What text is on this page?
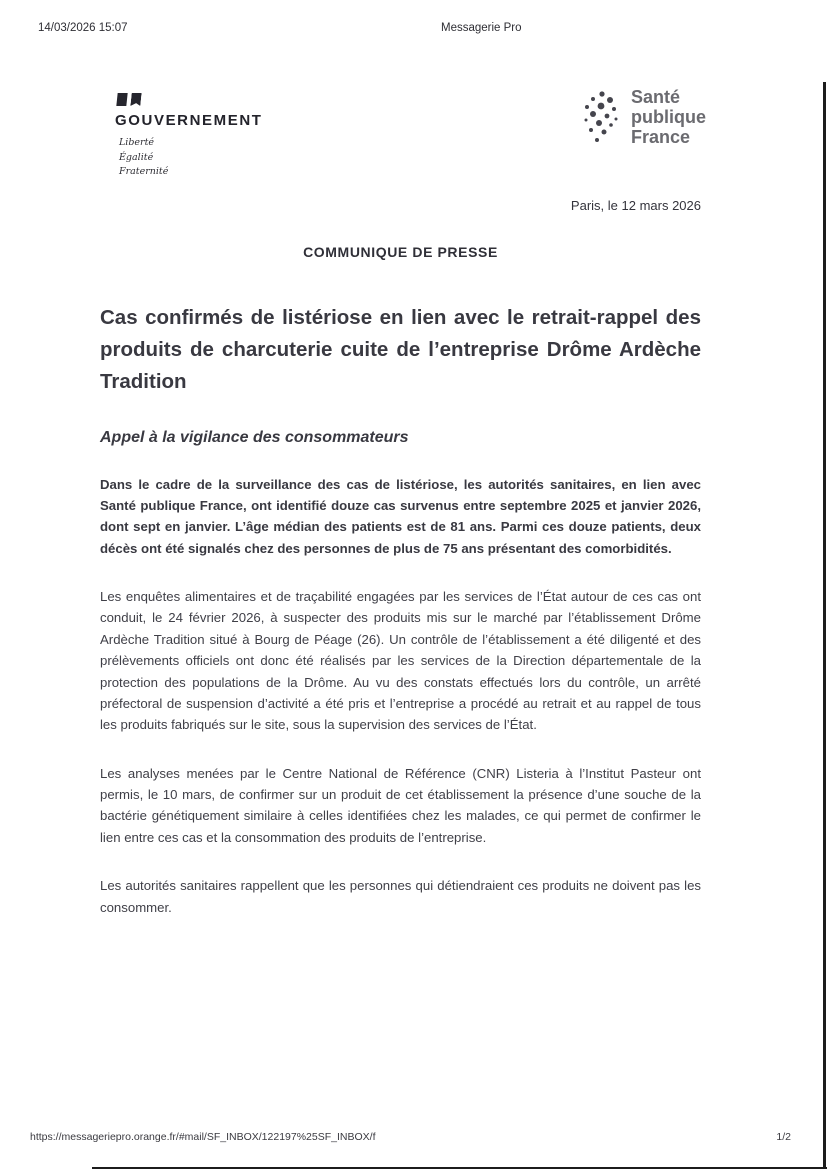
14/03/2026 15:07	Messagerie Pro
GOUVERNEMENT
Liberté
Égalité
Fraternité
Santé
publique
France
Paris, le 12 mars 2026
COMMUNIQUE DE PRESSE
Cas confirmés de listériose en lien avec le retrait-rappel des produits de charcuterie cuite de l’entreprise Drôme Ardèche Tradition
Appel à la vigilance des consommateurs

Dans le cadre de la surveillance des cas de listériose, les autorités sanitaires, en lien avec Santé publique France, ont identifié douze cas survenus entre septembre 2025 et janvier 2026, dont sept en janvier. L’âge médian des patients est de 81 ans. Parmi ces douze patients, deux décès ont été signalés chez des personnes de plus de 75 ans présentant des comorbidités.

Les enquêtes alimentaires et de traçabilité engagées par les services de l’État autour de ces cas ont conduit, le 24 février 2026, à suspecter des produits mis sur le marché par l’établissement Drôme Ardèche Tradition situé à Bourg de Péage (26). Un contrôle de l’établissement a été diligenté et des prélèvements officiels ont donc été réalisés par les services de la Direction départementale de la protection des populations de la Drôme. Au vu des constats effectués lors du contrôle, un arrêté préfectoral de suspension d’activité a été pris et l’entreprise a procédé au retrait et au rappel de tous les produits fabriqués sur le site, sous la supervision des services de l’État.

Les analyses menées par le Centre National de Référence (CNR) Listeria à l’Institut Pasteur ont permis, le 10 mars, de confirmer sur un produit de cet établissement la présence d’une souche de la bactérie génétiquement similaire à celles identifiées chez les malades, ce qui permet de confirmer le lien entre ces cas et la consommation des produits de l’entreprise.

Les autorités sanitaires rappellent que les personnes qui détiendraient ces produits ne doivent pas les consommer.

https://messageriepro.orange.fr/#mail/SF_INBOX/122197%25SF_INBOX/f	1/2
